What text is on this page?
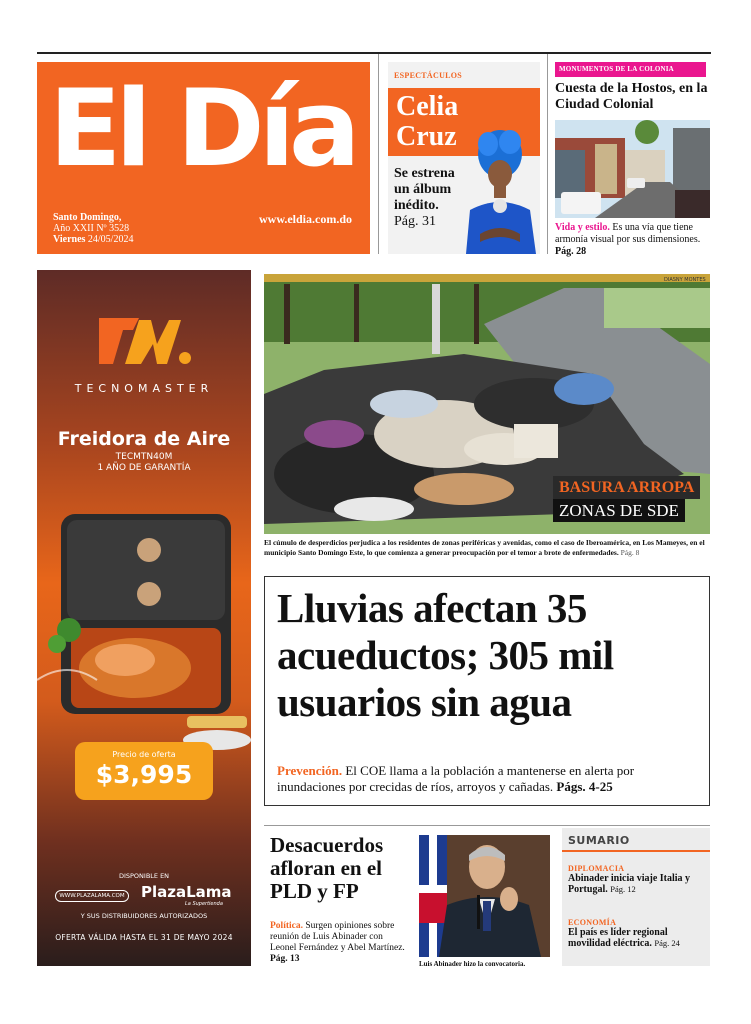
El Día
Santo Domingo,
Año XXII Nº 3528
Viernes 24/05/2024
www.eldia.com.do
ESPECTÁCULOS
Celia Cruz
Se estrena un álbum inédito. Pág. 31
MONUMENTOS DE LA COLONIA
Cuesta de la Hostos, en la Ciudad Colonial
Vida y estilo. Es una vía que tiene armonía visual por sus dimensiones. Pág. 28
TECNOMASTER
Freidora de Aire
TECMTN40M
1 AÑO DE GARANTÍA
Precio de oferta
$3,995
DISPONIBLE EN
WWW.PLAZALAMA.COM PlazaLama
La Supertienda
Y SUS DISTRIBUIDORES AUTORIZADOS
OFERTA VÁLIDA HASTA EL 31 DE MAYO 2024
DIASNY MONTES
BASURA ARROPA
ZONAS DE SDE
El cúmulo de desperdicios perjudica a los residentes de zonas periféricas y avenidas, como el caso de Iberoamérica, en Los Mameyes, en el municipio Santo Domingo Este, lo que comienza a generar preocupación por el temor a brote de enfermedades. Pág. 8
Lluvias afectan 35 acueductos; 305 mil usuarios sin agua
Prevención. El COE llama a la población a mantenerse en alerta por inundaciones por crecidas de ríos, arroyos y cañadas. Págs. 4-25
Desacuerdos afloran en el PLD y FP
Política. Surgen opiniones sobre reunión de Luis Abinader con Leonel Fernández y Abel Martínez. Pág. 13	Luis Abinader hizo la convocatoria.
SUMARIO
DIPLOMACIA
Abinader inicia viaje Italia y Portugal. Pág. 12
ECONOMÍA
El país es líder regional movilidad eléctrica. Pág. 24
